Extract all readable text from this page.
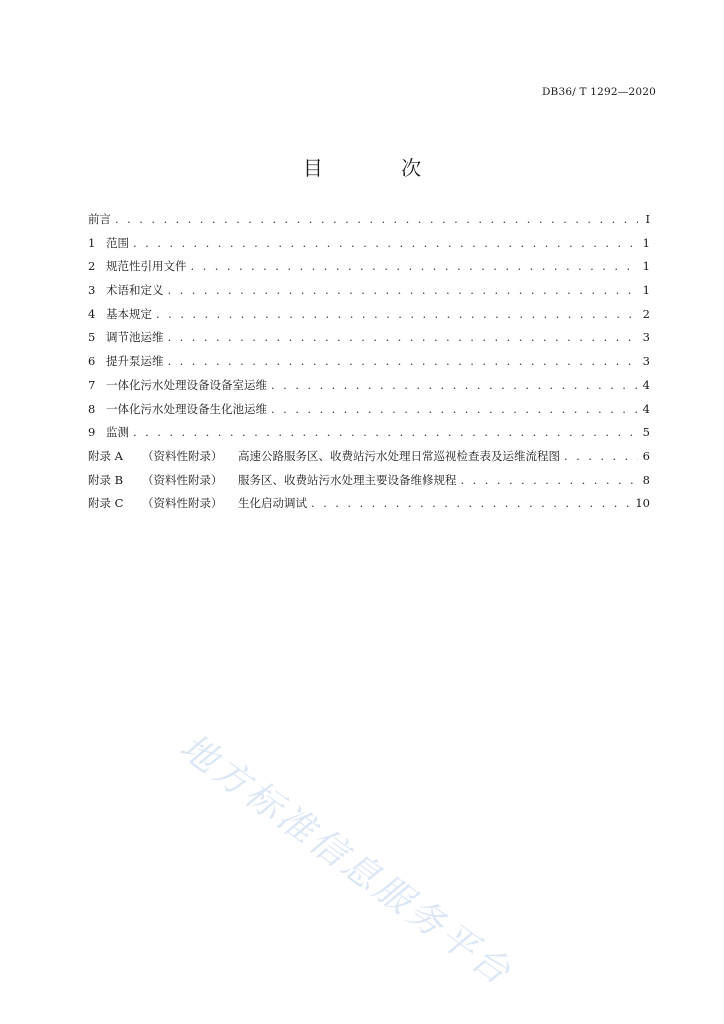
DB36/ T 1292—2020
目 次
前言 . . .	I
1 范围 . . .	1
2 规范性引用文件 . . .	1
3 术语和定义 . . .	1
4 基本规定 . . .	2
5 调节池运维 . . .	3
6 提升泵运维 . . .	3
7 一体化污水处理设备设备室运维 . . .	4
8 一体化污水处理设备生化池运维 . . .	4
9 监测 . . .	5
附录 A	（资料性附录）	高速公路服务区、收费站污水处理日常巡视检查表及运维流程图 . . .	6
附录 B	（资料性附录）	服务区、收费站污水处理主要设备维修规程 . . .	8
附录 C	（资料性附录）	生化启动调试 . . .	10
地方标准信息服务平台
